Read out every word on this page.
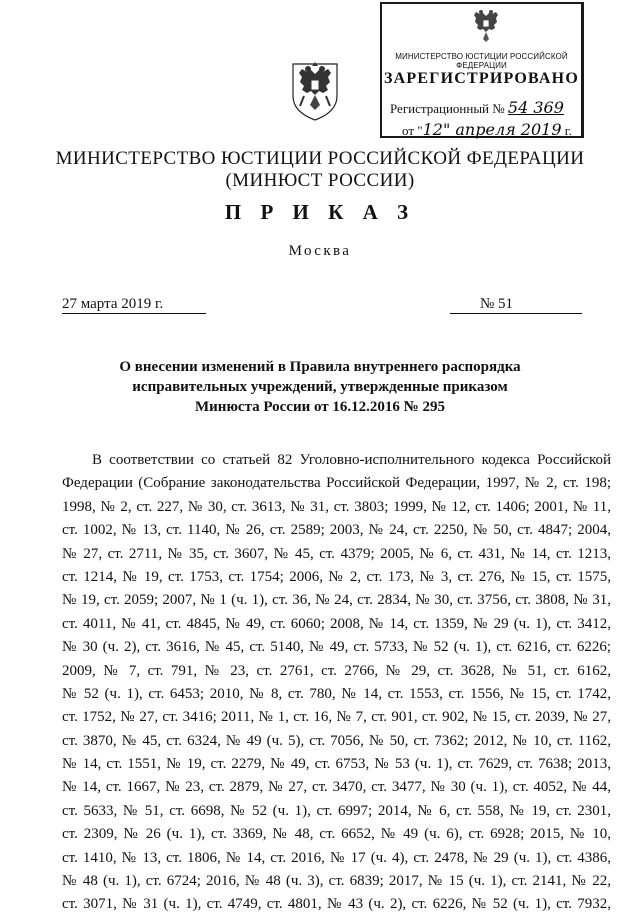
МИНИСТЕРСТВО ЮСТИЦИИ РОССИЙСКОЙ ФЕДЕРАЦИИ
ЗАРЕГИСТРИРОВАНО
Регистрационный № 54 369
от "12" апреля 2019 г.
МИНИСТЕРСТВО ЮСТИЦИИ РОССИЙСКОЙ ФЕДЕРАЦИИ
(МИНЮСТ РОССИИ)
П Р И К А З
Москва
27 марта 2019 г.	№ 51
О внесении изменений в Правила внутреннего распорядка
исправительных учреждений, утвержденные приказом
Минюста России от 16.12.2016 № 295
В соответствии со статьей 82 Уголовно-исполнительного кодекса Российской
Федерации (Собрание законодательства Российской Федерации, 1997, № 2, ст. 198;
1998, № 2, ст. 227, № 30, ст. 3613, № 31, ст. 3803; 1999, № 12, ст. 1406; 2001, № 11,
ст. 1002, № 13, ст. 1140, № 26, ст. 2589; 2003, № 24, ст. 2250, № 50, ст. 4847; 2004,
№ 27, ст. 2711, № 35, ст. 3607, № 45, ст. 4379; 2005, № 6, ст. 431, № 14, ст. 1213,
ст. 1214, № 19, ст. 1753, ст. 1754; 2006, № 2, ст. 173, № 3, ст. 276, № 15, ст. 1575,
№ 19, ст. 2059; 2007, № 1 (ч. 1), ст. 36, № 24, ст. 2834, № 30, ст. 3756, ст. 3808, № 31,
ст. 4011, № 41, ст. 4845, № 49, ст. 6060; 2008, № 14, ст. 1359, № 29 (ч. 1), ст. 3412,
№ 30 (ч. 2), ст. 3616, № 45, ст. 5140, № 49, ст. 5733, № 52 (ч. 1), ст. 6216, ст. 6226;
2009, № 7, ст. 791, № 23, ст. 2761, ст. 2766, № 29, ст. 3628, № 51, ст. 6162,
№ 52 (ч. 1), ст. 6453; 2010, № 8, ст. 780, № 14, ст. 1553, ст. 1556, № 15, ст. 1742,
ст. 1752, № 27, ст. 3416; 2011, № 1, ст. 16, № 7, ст. 901, ст. 902, № 15, ст. 2039, № 27,
ст. 3870, № 45, ст. 6324, № 49 (ч. 5), ст. 7056, № 50, ст. 7362; 2012, № 10, ст. 1162,
№ 14, ст. 1551, № 19, ст. 2279, № 49, ст. 6753, № 53 (ч. 1), ст. 7629, ст. 7638; 2013,
№ 14, ст. 1667, № 23, ст. 2879, № 27, ст. 3470, ст. 3477, № 30 (ч. 1), ст. 4052, № 44,
ст. 5633, № 51, ст. 6698, № 52 (ч. 1), ст. 6997; 2014, № 6, ст. 558, № 19, ст. 2301,
ст. 2309, № 26 (ч. 1), ст. 3369, № 48, ст. 6652, № 49 (ч. 6), ст. 6928; 2015, № 10,
ст. 1410, № 13, ст. 1806, № 14, ст. 2016, № 17 (ч. 4), ст. 2478, № 29 (ч. 1), ст. 4386,
№ 48 (ч. 1), ст. 6724; 2016, № 48 (ч. 3), ст. 6839; 2017, № 15 (ч. 1), ст. 2141, № 22,
ст. 3071, № 31 (ч. 1), ст. 4749, ст. 4801, № 43 (ч. 2), ст. 6226, № 52 (ч. 1), ст. 7932,
